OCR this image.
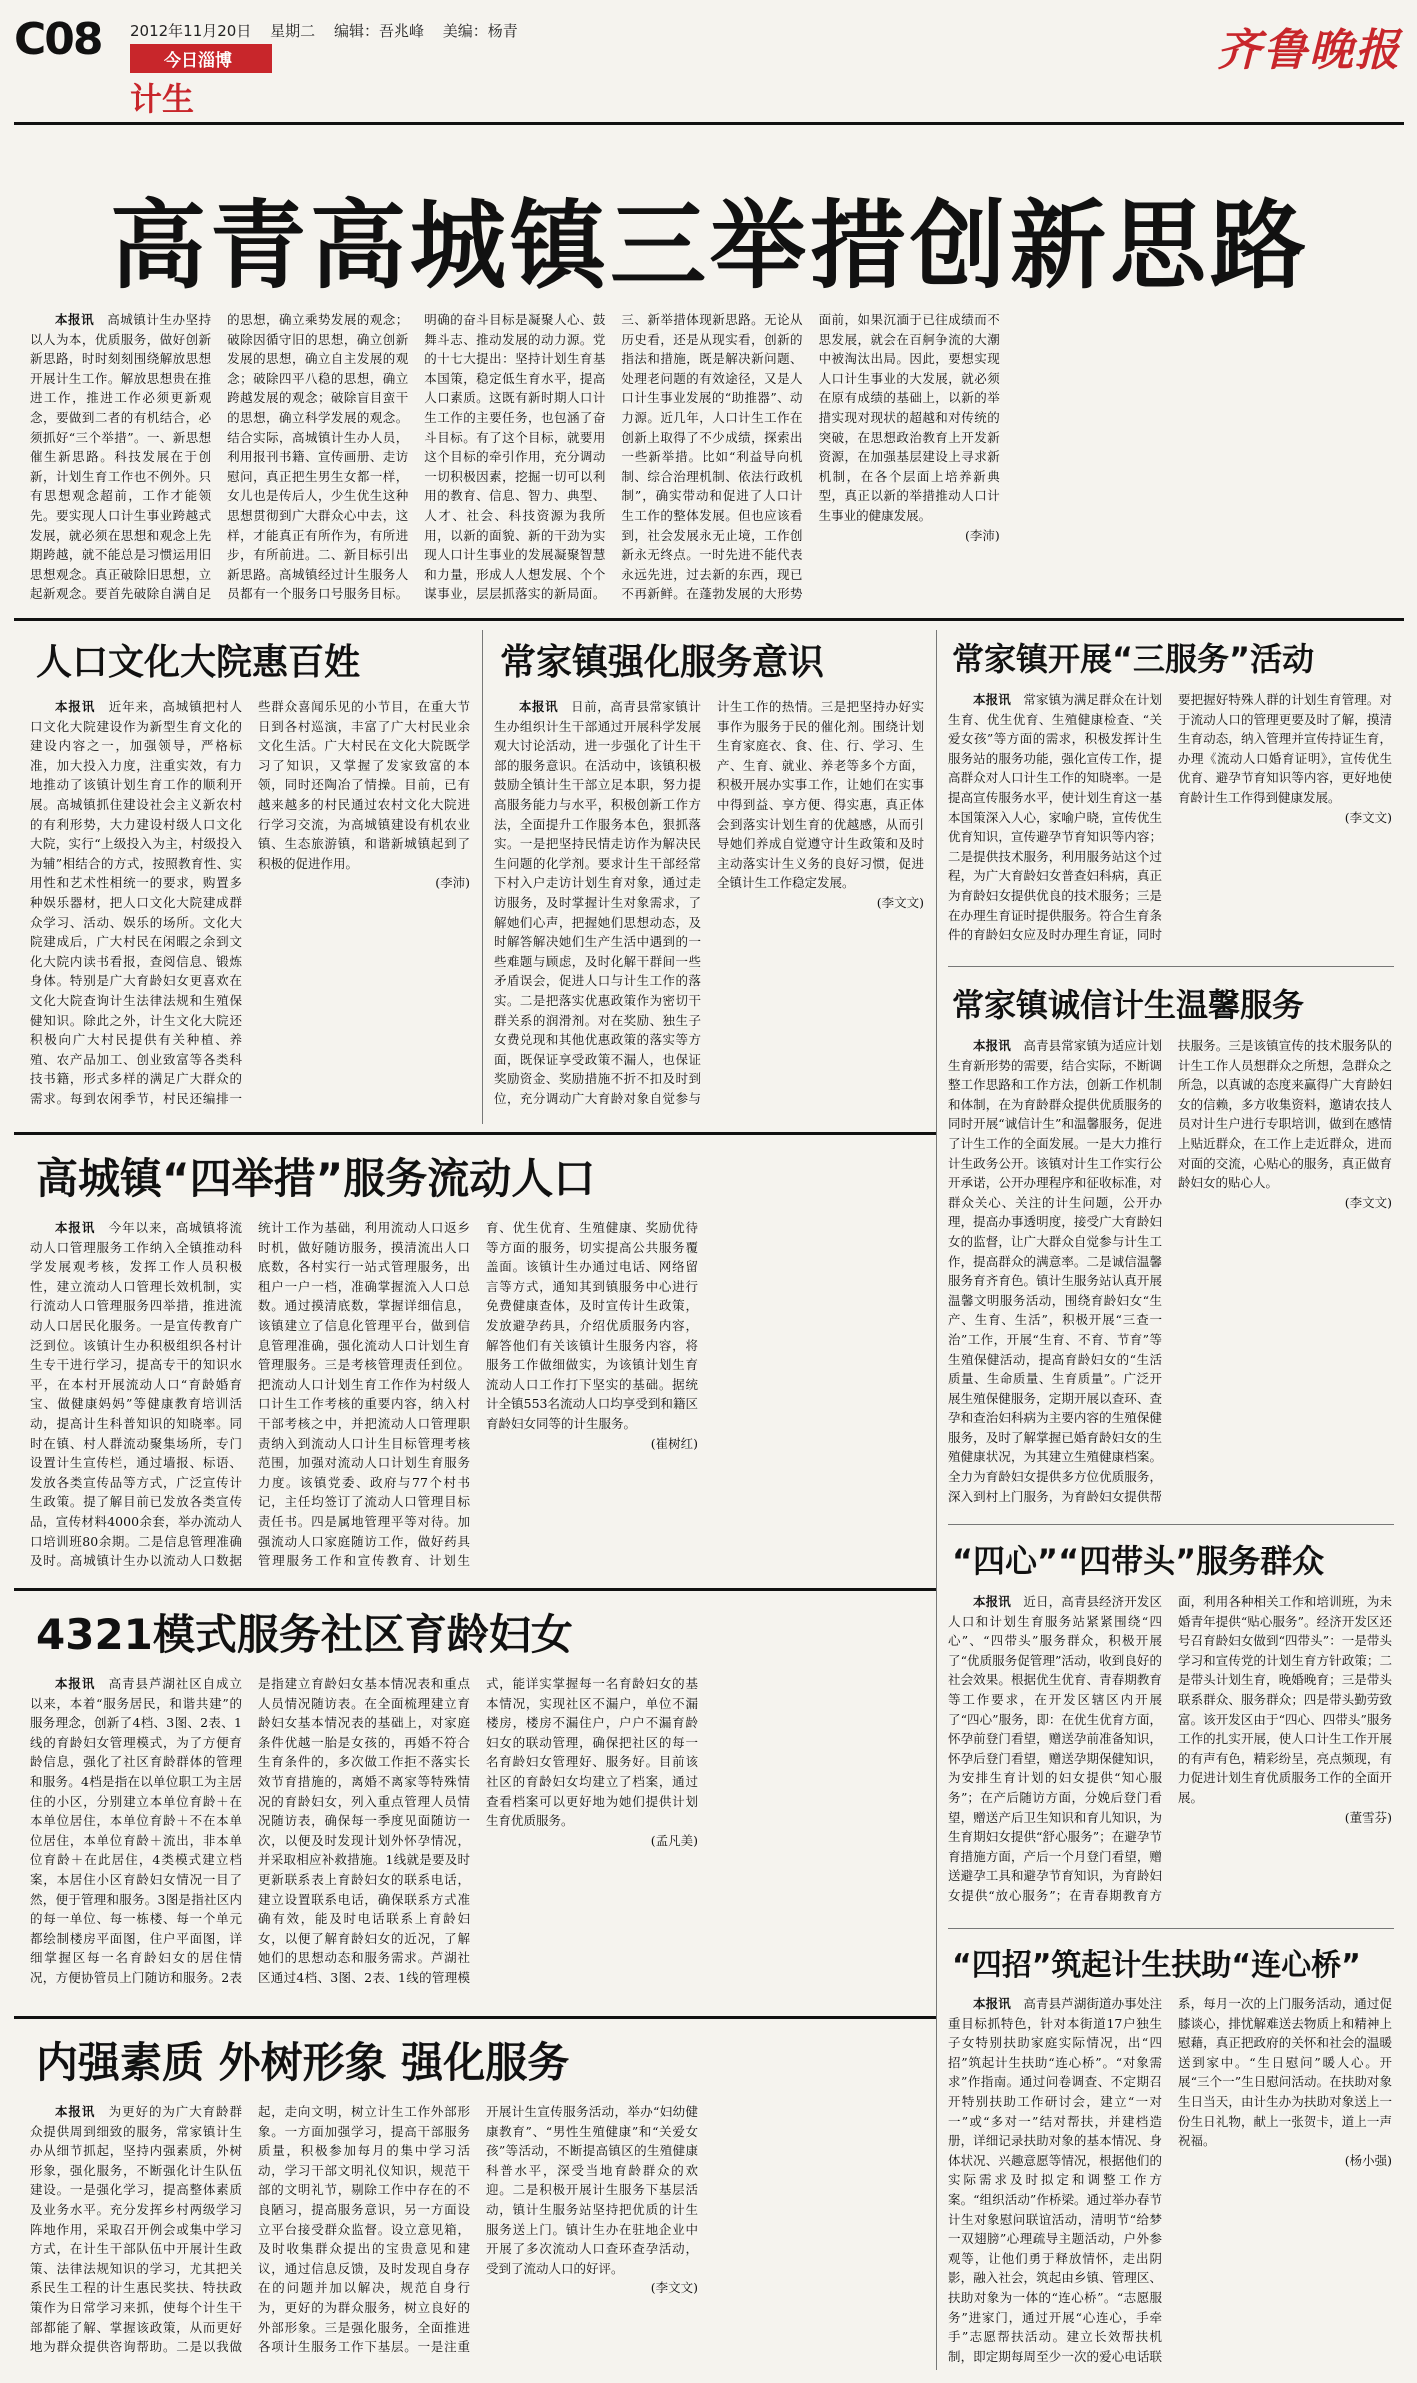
C08 2012年11月20日 星期二 编辑：吾兆峰 美编：杨青
今日淄博
计生
齐鲁晚报
高青高城镇三举措创新思路

本报讯　 高城镇计生办坚持以人为本，优质服务，做好创新新思路，时时刻刻围绕解放思想开展计生工作。解放思想贵在推进工作，推进工作必须更新观念，要做到二者的有机结合，必须抓好“三个举措”。一、新思想催生新思路。科技发展在于创新，计划生育工作也不例外。只有思想观念超前，工作才能领先。要实现人口计生事业跨越式发展，就必须在思想和观念上先期跨越，就不能总是习惯运用旧思想观念。真正破除旧思想，立起新观念。要首先破除自满自足的思想，确立乘势发展的观念；破除因循守旧的思想，确立创新发展的思想，确立自主发展的观念；破除四平八稳的思想，确立跨越发展的观念；破除盲目蛮干的思想，确立科学发展的观念。结合实际，高城镇计生办人员，利用报刊书籍、宣传画册、走访慰问，真正把生男生女都一样，女儿也是传后人，少生优生这种思想贯彻到广大群众心中去，这样，才能真正有所作为，有所进步，有所前进。二、新目标引出新思路。高城镇经过计生服务人员都有一个服务口号服务目标。明确的奋斗目标是凝聚人心、鼓舞斗志、推动发展的动力源。党的十七大提出：坚持计划生育基本国策，稳定低生育水平，提高人口素质。这既有新时期人口计生工作的主要任务，也包涵了奋斗目标。有了这个目标，就要用这个目标的牵引作用，充分调动一切积极因素，挖掘一切可以利用的教育、信息、智力、典型、人才、社会、科技资源为我所用，以新的面貌、新的干劲为实现人口计生事业的发展凝聚智慧和力量，形成人人想发展、个个谋事业，层层抓落实的新局面。三、新举措体现新思路。无论从历史看，还是从现实看，创新的指法和措施，既是解决新问题、处理老问题的有效途径，又是人口计生事业发展的“助推器”、动力源。近几年，人口计生工作在创新上取得了不少成绩，探索出一些新举措。比如“利益导向机制、综合治理机制、依法行政机制”，确实带动和促进了人口计生工作的整体发展。但也应该看到，社会发展永无止境，工作创新永无终点。一时先进不能代表永远先进，过去新的东西，现已不再新鲜。在蓬勃发展的大形势面前，如果沉湎于已往成绩而不思发展，就会在百舸争流的大潮中被淘汰出局。因此，要想实现人口计生事业的大发展，就必须在原有成绩的基础上，以新的举措实现对现状的超越和对传统的突破，在思想政治教育上开发新资源，在加强基层建设上寻求新机制，在各个层面上培养新典型，真正以新的举措推动人口计生事业的健康发展。

(李沛)

人口文化大院惠百姓

本报讯　 近年来，高城镇把村人口文化大院建设作为新型生育文化的建设内容之一，加强领导，严格标准，加大投入力度，注重实效，有力地推动了该镇计划生育工作的顺利开展。高城镇抓住建设社会主义新农村的有利形势，大力建设村级人口文化大院，实行“上级投入为主，村级投入为辅”相结合的方式，按照教育性、实用性和艺术性相统一的要求，购置多种娱乐器材，把人口文化大院建成群众学习、活动、娱乐的场所。文化大院建成后，广大村民在闲暇之余到文化大院内读书看报，查阅信息、锻炼身体。特别是广大育龄妇女更喜欢在文化大院查询计生法律法规和生殖保健知识。除此之外，计生文化大院还积极向广大村民提供有关种植、养殖、农产品加工、创业致富等各类科技书籍，形式多样的满足广大群众的需求。每到农闲季节，村民还编排一些群众喜闻乐见的小节目，在重大节日到各村巡演，丰富了广大村民业余文化生活。广大村民在文化大院既学习了知识，又掌握了发家致富的本领，同时还陶冶了情操。目前，已有越来越多的村民通过农村文化大院进行学习交流，为高城镇建设有机农业镇、生态旅游镇，和谐新城镇起到了积极的促进作用。

(李沛)

常家镇强化服务意识

本报讯　 日前，高青县常家镇计生办组织计生干部通过开展科学发展观大讨论活动，进一步强化了计生干部的服务意识。在活动中，该镇积极鼓励全镇计生干部立足本职，努力提高服务能力与水平，积极创新工作方法，全面提升工作服务本色，狠抓落实。一是把坚持民情走访作为解决民生问题的化学剂。要求计生干部经常下村入户走访计划生育对象，通过走访服务，及时掌握计生对象需求，了解她们心声，把握她们思想动态，及时解答解决她们生产生活中遇到的一些难题与顾虑，及时化解干群间一些矛盾误会，促进人口与计生工作的落实。二是把落实优惠政策作为密切干群关系的润滑剂。对在奖励、独生子女费兑现和其他优惠政策的落实等方面，既保证享受政策不漏人，也保证奖励资金、奖励措施不折不扣及时到位，充分调动广大育龄对象自觉参与计生工作的热情。三是把坚持办好实事作为服务于民的催化剂。围绕计划生育家庭衣、食、住、行、学习、生产、生育、就业、养老等多个方面，积极开展办实事工作，让她们在实事中得到益、享方便、得实惠，真正体会到落实计划生育的优越感，从而引导她们养成自觉遵守计生政策和及时主动落实计生义务的良好习惯，促进全镇计生工作稳定发展。

(李文文)

常家镇开展“三服务”活动

本报讯　 常家镇为满足群众在计划生育、优生优育、生殖健康检查、“关爱女孩”等方面的需求，积极发挥计生服务站的服务功能，强化宣传工作，提高群众对人口计生工作的知晓率。一是提高宣传服务水平，使计划生育这一基本国策深入人心，家喻户晓，宣传优生优育知识，宣传避孕节育知识等内容；二是提供技术服务，利用服务站这个过程，为广大育龄妇女普查妇科病，真正为育龄妇女提供优良的技术服务；三是在办理生育证时提供服务。符合生育条件的育龄妇女应及时办理生育证，同时要把握好特殊人群的计划生育管理。对于流动人口的管理更要及时了解，摸清生育动态，纳入管理并宣传持证生育，办理《流动人口婚育证明》，宣传优生优育、避孕节育知识等内容，更好地使育龄计生工作得到健康发展。

(李文文)

常家镇诚信计生温馨服务

本报讯　 高青县常家镇为适应计划生育新形势的需要，结合实际，不断调整工作思路和工作方法，创新工作机制和体制，在为育龄群众提供优质服务的同时开展“诚信计生”和温馨服务，促进了计生工作的全面发展。一是大力推行计生政务公开。该镇对计生工作实行公开承诺，公开办理程序和征收标准，对群众关心、关注的计生问题，公开办理，提高办事透明度，接受广大育龄妇女的监督，让广大群众自觉参与计生工作，提高群众的满意率。二是诚信温馨服务育齐育色。镇计生服务站认真开展温馨文明服务活动，围绕育龄妇女“生产、生育、生活”，积极开展“三查一治”工作，开展“生育、不育、节育”等生殖保健活动，提高育龄妇女的“生活质量、生命质量、生育质量”。广泛开展生殖保健服务，定期开展以查环、查孕和查治妇科病为主要内容的生殖保健服务，及时了解掌握已婚育龄妇女的生殖健康状况，为其建立生殖健康档案。全力为育龄妇女提供多方位优质服务，深入到村上门服务，为育龄妇女提供帮扶服务。三是该镇宣传的技术服务队的计生工作人员想群众之所想，急群众之所急，以真诚的态度来赢得广大育龄妇女的信赖，多方收集资料，邀请农技人员对计生户进行专职培训，做到在感情上贴近群众，在工作上走近群众，进而对面的交流，心贴心的服务，真正做育龄妇女的贴心人。

(李文文)

“四心”“四带头”服务群众

本报讯　 近日，高青县经济开发区人口和计划生育服务站紧紧围绕“四心”、“四带头”服务群众，积极开展了“优质服务促管理”活动，收到良好的社会效果。根据优生优育、青春期教育等工作要求，在开发区辖区内开展了“四心”服务，即：在优生优育方面，怀孕前登门看望，赠送孕前准备知识，怀孕后登门看望，赠送孕期保健知识，为安排生育计划的妇女提供“知心服务”；在产后随访方面，分娩后登门看望，赠送产后卫生知识和育儿知识，为生育期妇女提供“舒心服务”；在避孕节育措施方面，产后一个月登门看望，赠送避孕工具和避孕节育知识，为育龄妇女提供“放心服务”；在青春期教育方面，利用各种相关工作和培训班，为未婚青年提供“贴心服务”。经济开发区还号召育龄妇女做到“四带头”：一是带头学习和宣传党的计划生育方针政策；二是带头计划生育，晚婚晚育；三是带头联系群众、服务群众；四是带头勤劳致富。该开发区由于“四心、四带头”服务工作的扎实开展，使人口计生工作开展的有声有色，精彩纷呈，亮点频现，有力促进计划生育优质服务工作的全面开展。

(董雪芬)

“四招”筑起计生扶助“连心桥”

本报讯　 高青县芦湖街道办事处注重目标抓特色，针对本街道17户独生子女特别扶助家庭实际情况，出“四招”筑起计生扶助“连心桥”。“对象需求”作指南。通过问卷调查、不定期召开特别扶助工作研讨会，建立“一对一”或“多对一”结对帮扶，并建档造册，详细记录扶助对象的基本情况、身体状况、兴趣意愿等情况，根据他们的实际需求及时拟定和调整工作方案。“组织活动”作桥梁。通过举办春节计生对象慰问联谊活动，清明节“给梦一双翅膀”心理疏导主题活动，户外参观等，让他们勇于释放情怀，走出阴影，融入社会，筑起由乡镇、管理区、扶助对象为一体的“连心桥”。“志愿服务”进家门，通过开展“心连心，手牵手”志愿帮扶活动。建立长效帮扶机制，即定期每周至少一次的爱心电话联系，每月一次的上门服务活动，通过促膝谈心，排忧解难送去物质上和精神上慰藉，真正把政府的关怀和社会的温暖送到家中。“生日慰问”暖人心。开展“三个一”生日慰问活动。在扶助对象生日当天，由计生办为扶助对象送上一份生日礼物，献上一张贺卡，道上一声祝福。

(杨小强)

高城镇“四举措”服务流动人口

本报讯　 今年以来，高城镇将流动人口管理服务工作纳入全镇推动科学发展观考核，发挥工作人员积极性，建立流动人口管理长效机制，实行流动人口管理服务四举措，推进流动人口居民化服务。一是宣传教育广泛到位。该镇计生办积极组织各村计生专干进行学习，提高专干的知识水平，在本村开展流动人口“育龄婚育宝、做健康妈妈”等健康教育培训活动，提高计生科普知识的知晓率。同时在镇、村人群流动聚集场所，专门设置计生宣传栏，通过墙报、标语、发放各类宣传品等方式，广泛宣传计生政策。提了解目前已发放各类宣传品，宣传材料4000余套，举办流动人口培训班80余期。二是信息管理准确及时。高城镇计生办以流动人口数据统计工作为基础，利用流动人口返乡时机，做好随访服务，摸清流出人口底数，各村实行一站式管理服务，出租户一户一档，准确掌握流入人口总数。通过摸清底数，掌握详细信息，该镇建立了信息化管理平台，做到信息管理准确，强化流动人口计划生育管理服务。三是考核管理责任到位。把流动人口计划生育工作作为村级人口计生工作考核的重要内容，纳入村干部考核之中，并把流动人口管理职责纳入到流动人口计生目标管理考核范围，加强对流动人口计划生育服务力度。该镇党委、政府与77个村书记，主任均签订了流动人口管理目标责任书。四是属地管理平等对待。加强流动人口家庭随访工作，做好药具管理服务工作和宣传教育、计划生育、优生优育、生殖健康、奖励优待等方面的服务，切实提高公共服务覆盖面。该镇计生办通过电话、网络留言等方式，通知其到镇服务中心进行免费健康查体，及时宣传计生政策，发放避孕药具，介绍优质服务内容，解答他们有关该镇计生服务内容，将服务工作做细做实，为该镇计划生育流动人口工作打下坚实的基础。据统计全镇553名流动人口均享受到和籍区育龄妇女同等的计生服务。

(崔树红)

4321模式服务社区育龄妇女

本报讯　 高青县芦湖社区自成立以来，本着“服务居民，和谐共建”的服务理念，创新了4档、3图、2表、1线的育龄妇女管理模式，为了方便育龄信息，强化了社区育龄群体的管理和服务。4档是指在以单位职工为主居住的小区，分别建立本单位育龄＋在本单位居住，本单位育龄＋不在本单位居住，本单位育龄＋流出，非本单位育龄＋在此居住，4类模式建立档案，本居住小区育龄妇女情况一目了然，便于管理和服务。3图是指社区内的每一单位、每一栋楼、每一个单元都绘制楼房平面图，住户平面图，详细掌握区每一名育龄妇女的居住情况，方便协管员上门随访和服务。2表是指建立育龄妇女基本情况表和重点人员情况随访表。在全面梳理建立育龄妇女基本情况表的基础上，对家庭条件优越一胎是女孩的，再婚不符合生育条件的，多次做工作拒不落实长效节育措施的，离婚不离家等特殊情况的育龄妇女，列入重点管理人员情况随访表，确保每一季度见面随访一次，以便及时发现计划外怀孕情况，并采取相应补救措施。1线就是要及时更新联系表上育龄妇女的联系电话，建立设置联系电话，确保联系方式准确有效，能及时电话联系上育龄妇女，以便了解育龄妇女的近况，了解她们的思想动态和服务需求。芦湖社区通过4档、3图、2表、1线的管理模式，能详实掌握每一名育龄妇女的基本情况，实现社区不漏户，单位不漏楼房，楼房不漏住户，户户不漏育龄妇女的联动管理，确保把社区的每一名育龄妇女管理好、服务好。目前该社区的育龄妇女均建立了档案，通过查看档案可以更好地为她们提供计划生育优质服务。

(孟凡美)

内强素质 外树形象 强化服务

本报讯　 为更好的为广大育龄群众提供周到细致的服务，常家镇计生办从细节抓起，坚持内强素质，外树形象，强化服务，不断强化计生队伍建设。一是强化学习，提高整体素质及业务水平。充分发挥乡村两级学习阵地作用，采取召开例会或集中学习方式，在计生干部队伍中开展计生政策、法律法规知识的学习，尤其把关系民生工程的计生惠民奖扶、特扶政策作为日常学习来抓，使每个计生干部都能了解、掌握该政策，从而更好地为群众提供咨询帮助。二是以我做起，走向文明，树立计生工作外部形象。一方面加强学习，提高干部服务质量，积极参加每月的集中学习活动，学习干部文明礼仪知识，规范干部的文明礼节，剔除工作中存在的不良陋习，提高服务意识，另一方面设立平台接受群众监督。设立意见箱，及时收集群众提出的宝贵意见和建议，通过信息反馈，及时发现自身存在的问题并加以解决，规范自身行为，更好的为群众服务，树立良好的外部形象。三是强化服务，全面推进各项计生服务工作下基层。一是注重开展计生宣传服务活动，举办“妇幼健康教育”、“男性生殖健康”和“关爱女孩”等活动，不断提高镇区的生殖健康科普水平，深受当地育龄群众的欢迎。二是积极开展计生服务下基层活动，镇计生服务站坚持把优质的计生服务送上门。镇计生办在驻地企业中开展了多次流动人口查环查孕活动，受到了流动人口的好评。

(李文文)
